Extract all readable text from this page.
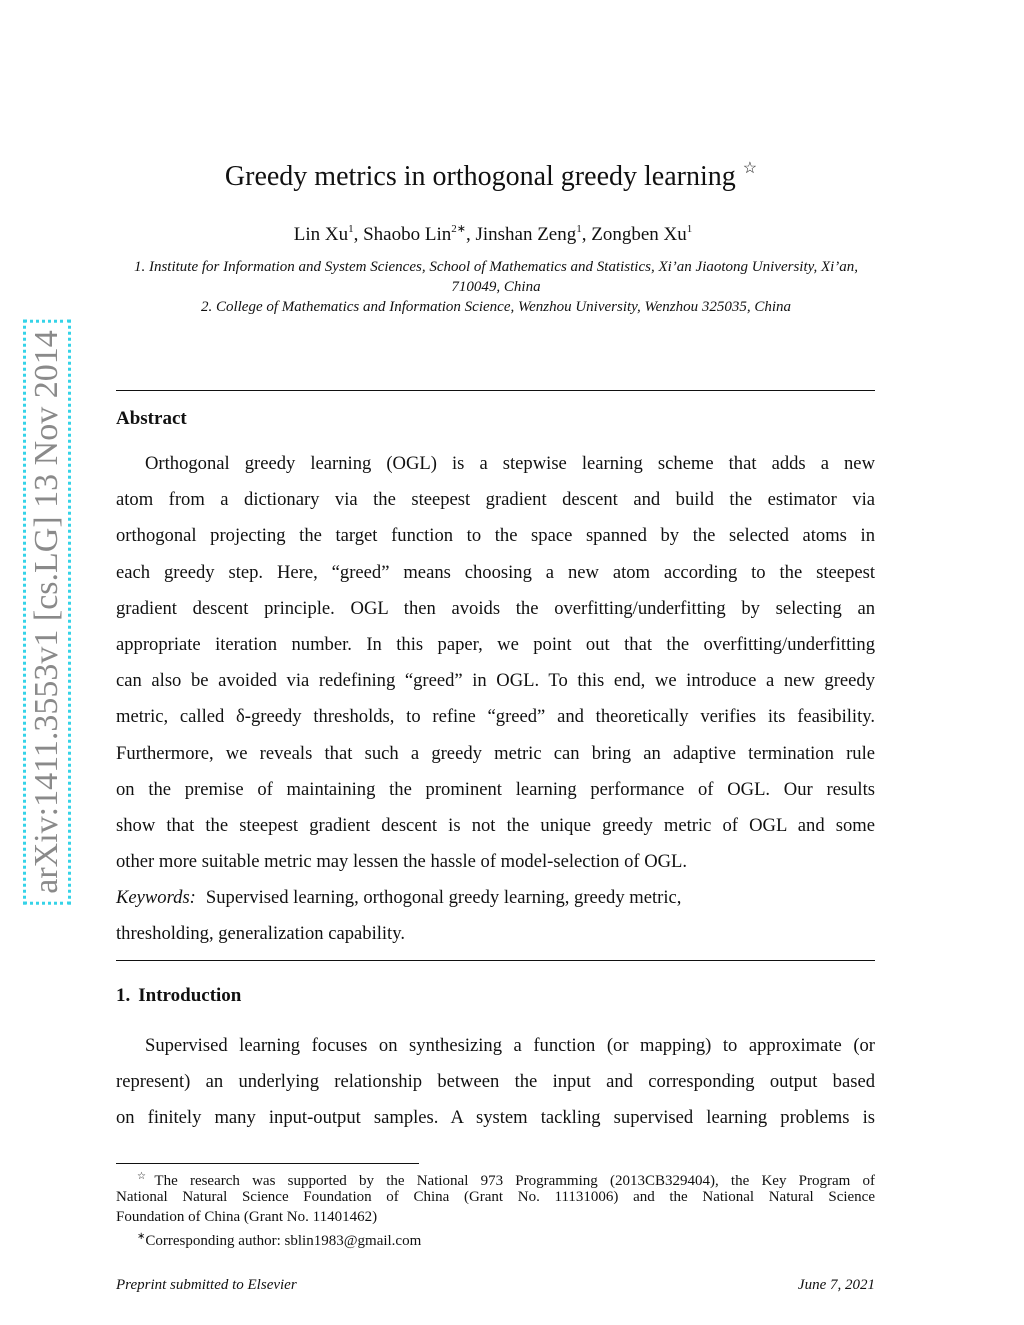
arXiv:1411.3553v1 [cs.LG] 13 Nov 2014
Greedy metrics in orthogonal greedy learning ☆
Lin Xu$^1$, Shaobo Lin$^{2∗}$, Jinshan Zeng$^1$, Zongben Xu$^1$
1. Institute for Information and System Sciences, School of Mathematics and Statistics, Xi’an Jiaotong University, Xi’an, 710049, China
2. College of Mathematics and Information Science, Wenzhou University, Wenzhou 325035, China
Abstract
Orthogonal greedy learning (OGL) is a stepwise learning scheme that adds a new
atom from a dictionary via the steepest gradient descent and build the estimator via
orthogonal projecting the target function to the space spanned by the selected atoms in
each greedy step. Here, “greed” means choosing a new atom according to the steepest
gradient descent principle. OGL then avoids the overfitting/underfitting by selecting an
appropriate iteration number. In this paper, we point out that the overfitting/underfitting
can also be avoided via redefining “greed” in OGL. To this end, we introduce a new greedy
metric, called δ-greedy thresholds, to refine “greed” and theoretically verifies its feasibility.
Furthermore, we reveals that such a greedy metric can bring an adaptive termination rule
on the premise of maintaining the prominent learning performance of OGL. Our results
show that the steepest gradient descent is not the unique greedy metric of OGL and some
other more suitable metric may lessen the hassle of model-selection of OGL.
Keywords: Supervised learning, orthogonal greedy learning, greedy metric,
thresholding, generalization capability.
1. Introduction
Supervised learning focuses on synthesizing a function (or mapping) to approximate (or
represent) an underlying relationship between the input and corresponding output based
on finitely many input-output samples. A system tackling supervised learning problems is
☆The research was supported by the National 973 Programming (2013CB329404), the Key Program of
National Natural Science Foundation of China (Grant No. 11131006) and the National Natural Science
Foundation of China (Grant No. 11401462)
∗Corresponding author: sblin1983@gmail.com
Preprint submitted to Elsevier	June 7, 2021
